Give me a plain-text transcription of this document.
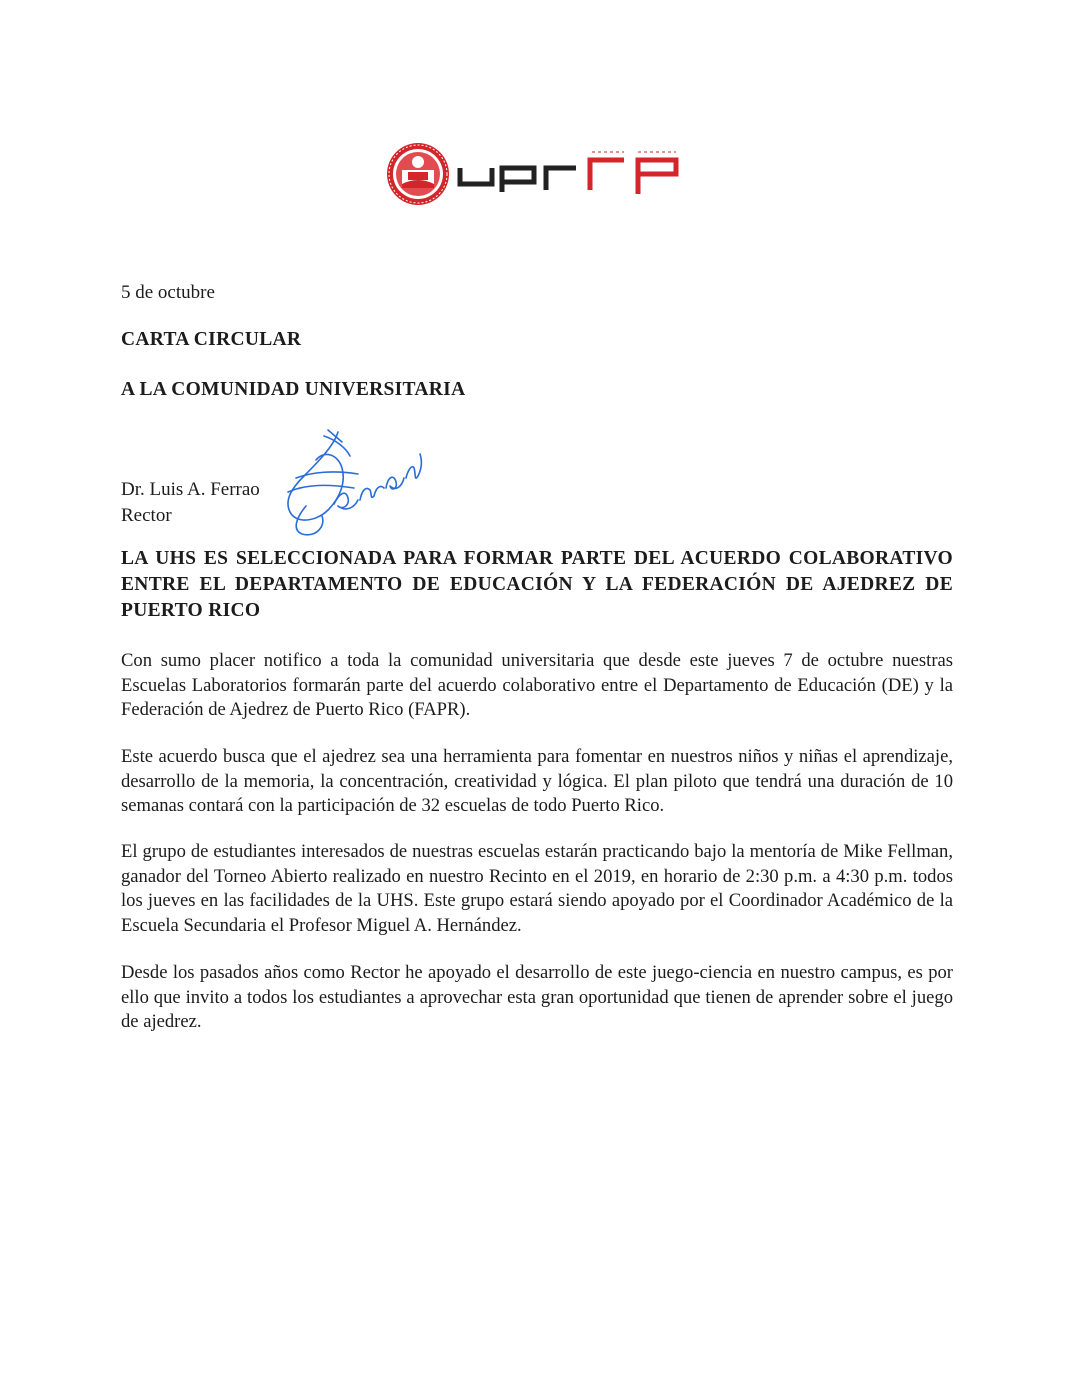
5 de octubre
CARTA CIRCULAR
A LA COMUNIDAD UNIVERSITARIA
Dr. Luis A. Ferrao
Rector
LA UHS ES SELECCIONADA PARA FORMAR PARTE DEL ACUERDO COLABORATIVO ENTRE EL DEPARTAMENTO DE EDUCACIÓN Y LA FEDERACIÓN DE AJEDREZ DE PUERTO RICO

Con sumo placer notifico a toda la comunidad universitaria que desde este jueves 7 de octubre nuestras Escuelas Laboratorios formarán parte del acuerdo colaborativo entre el Departamento de Educación (DE) y la Federación de Ajedrez de Puerto Rico (FAPR).

Este acuerdo busca que el ajedrez sea una herramienta para fomentar en nuestros niños y niñas el aprendizaje, desarrollo de la memoria, la concentración, creatividad y lógica. El plan piloto que tendrá una duración de 10 semanas contará con la participación de 32 escuelas de todo Puerto Rico.

El grupo de estudiantes interesados de nuestras escuelas estarán practicando bajo la mentoría de Mike Fellman, ganador del Torneo Abierto realizado en nuestro Recinto en el 2019, en horario de 2:30 p.m. a 4:30 p.m. todos los jueves en las facilidades de la UHS. Este grupo estará siendo apoyado por el Coordinador Académico de la Escuela Secundaria el Profesor Miguel A. Hernández.

Desde los pasados años como Rector he apoyado el desarrollo de este juego-ciencia en nuestro campus, es por ello que invito a todos los estudiantes a aprovechar esta gran oportunidad que tienen de aprender sobre el juego de ajedrez.
